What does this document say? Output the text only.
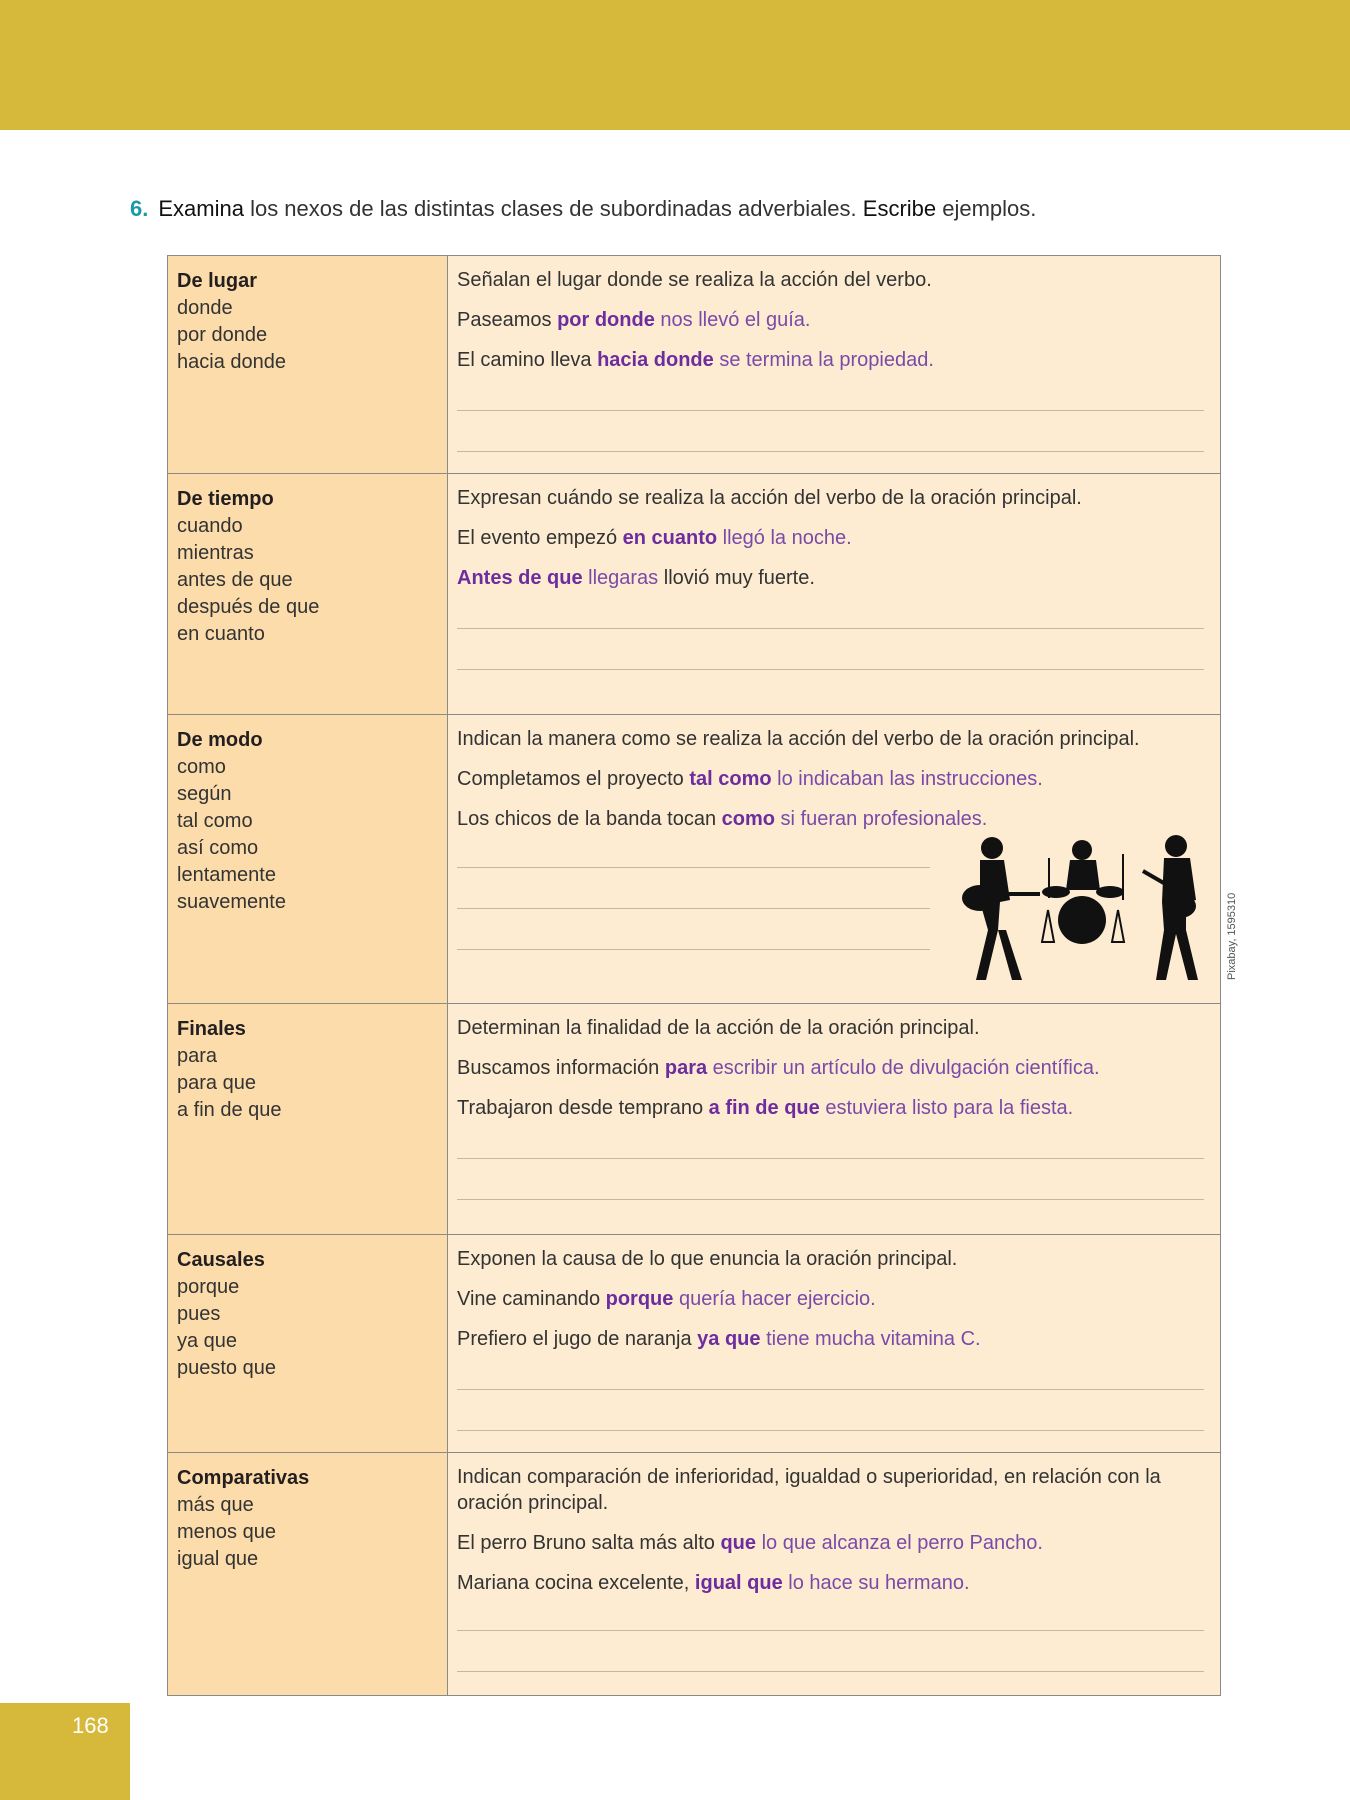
6. Examina los nexos de las distintas clases de subordinadas adverbiales. Escribe ejemplos.
De lugar
donde
por donde
hacia donde

Señalan el lugar donde se realiza la acción del verbo.

Paseamos por donde nos llevó el guía.

El camino lleva hacia donde se termina la propiedad.

De tiempo
cuando
mientras
antes de que
después de que
en cuanto

Expresan cuándo se realiza la acción del verbo de la oración principal.

El evento empezó en cuanto llegó la noche.

Antes de que llegaras llovió muy fuerte.

De modo
como
según
tal como
así como
lentamente
suavemente

Indican la manera como se realiza la acción del verbo de la oración principal.

Completamos el proyecto tal como lo indicaban las instrucciones.

Los chicos de la banda tocan como si fueran profesionales.

Finales
para
para que
a fin de que

Determinan la finalidad de la acción de la oración principal.

Buscamos información para escribir un artículo de divulgación científica.

Trabajaron desde temprano a fin de que estuviera listo para la fiesta.

Causales
porque
pues
ya que
puesto que

Exponen la causa de lo que enuncia la oración principal.

Vine caminando porque quería hacer ejercicio.

Prefiero el jugo de naranja ya que tiene mucha vitamina C.

Comparativas
más que
menos que
igual que

Indican comparación de inferioridad, igualdad o superioridad, en relación con la oración principal.

El perro Bruno salta más alto que lo que alcanza el perro Pancho.

Mariana cocina excelente, igual que lo hace su hermano.

Pixabay, 1595310
168
